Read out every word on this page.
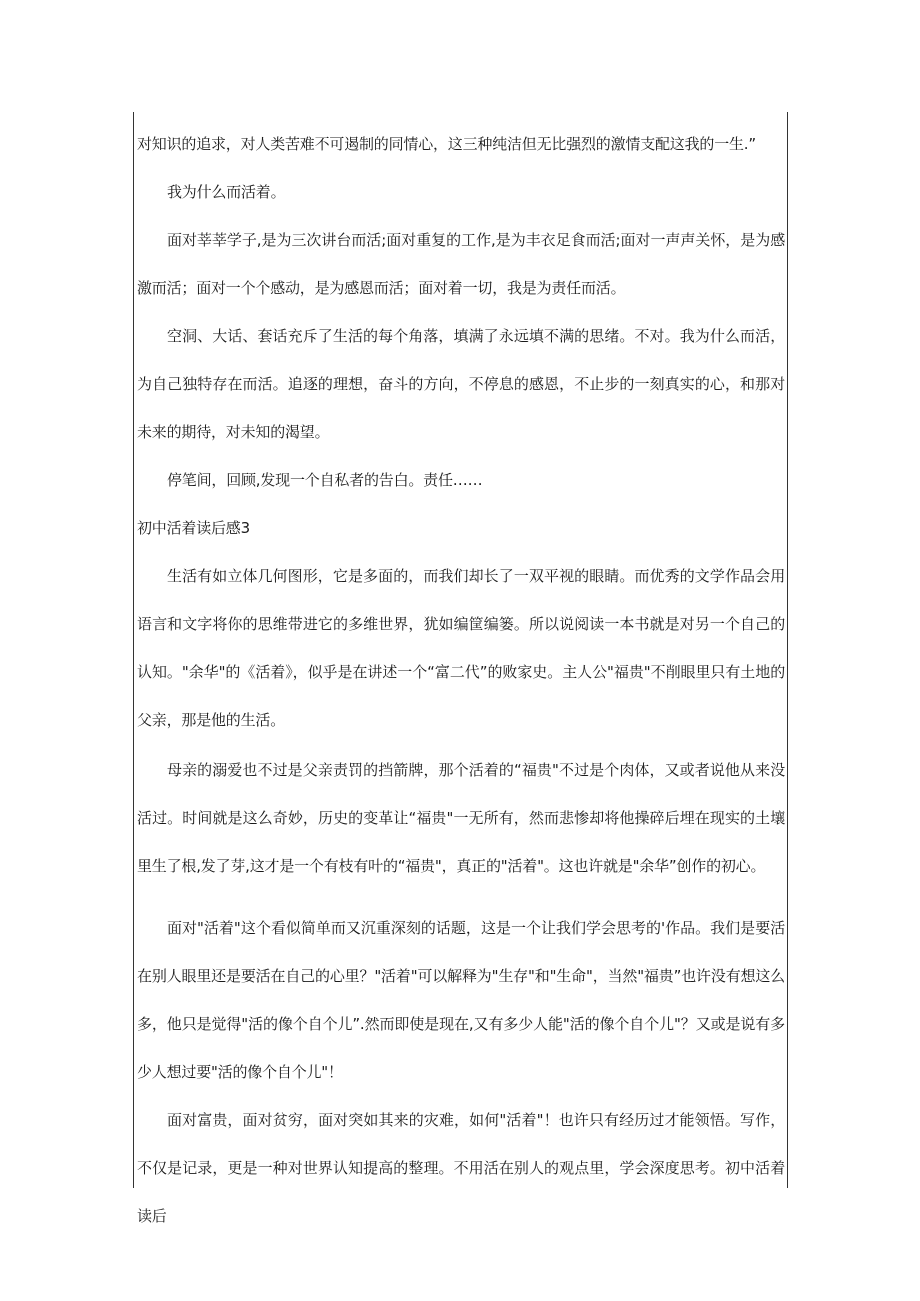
对知识的追求，对人类苦难不可遏制的同情心，这三种纯洁但无比强烈的激情支配这我的一生.”

我为什么而活着。

面对莘莘学子,是为三次讲台而活;面对重复的工作,是为丰衣足食而活;面对一声声关怀，是为感激而活；面对一个个感动，是为感恩而活；面对着一切，我是为责任而活。

空洞、大话、套话充斥了生活的每个角落，填满了永远填不满的思绪。不对。我为什么而活，为自己独特存在而活。追逐的理想，奋斗的方向，不停息的感恩，不止步的一刻真实的心，和那对未来的期待，对未知的渴望。

停笔间，回顾,发现一个自私者的告白。责任……

初中活着读后感3

生活有如立体几何图形，它是多面的，而我们却长了一双平视的眼睛。而优秀的文学作品会用语言和文字将你的思维带进它的多维世界，犹如编筐编篓。所以说阅读一本书就是对另一个自己的认知。"余华"的《活着》，似乎是在讲述一个“富二代”的败家史。主人公"福贵"不削眼里只有土地的父亲，那是他的生活。

母亲的溺爱也不过是父亲责罚的挡箭牌，那个活着的“福贵"不过是个肉体，又或者说他从来没活过。时间就是这么奇妙，历史的变革让“福贵"一无所有，然而悲惨却将他操碎后埋在现实的土壤里生了根,发了芽,这才是一个有枝有叶的“福贵"，真正的"活着"。这也许就是"余华”创作的初心。

面对"活着"这个看似简单而又沉重深刻的话题，这是一个让我们学会思考的'作品。我们是要活在别人眼里还是要活在自己的心里？"活着"可以解释为"生存"和"生命"，当然"福贵”也许没有想这么多，他只是觉得"活的像个自个儿”.然而即使是现在,又有多少人能"活的像个自个儿"？又或是说有多少人想过要"活的像个自个儿"！

面对富贵，面对贫穷，面对突如其来的灾难，如何"活着"！也许只有经历过才能领悟。写作，不仅是记录，更是一种对世界认知提高的整理。不用活在别人的观点里，学会深度思考。初中活着读后
